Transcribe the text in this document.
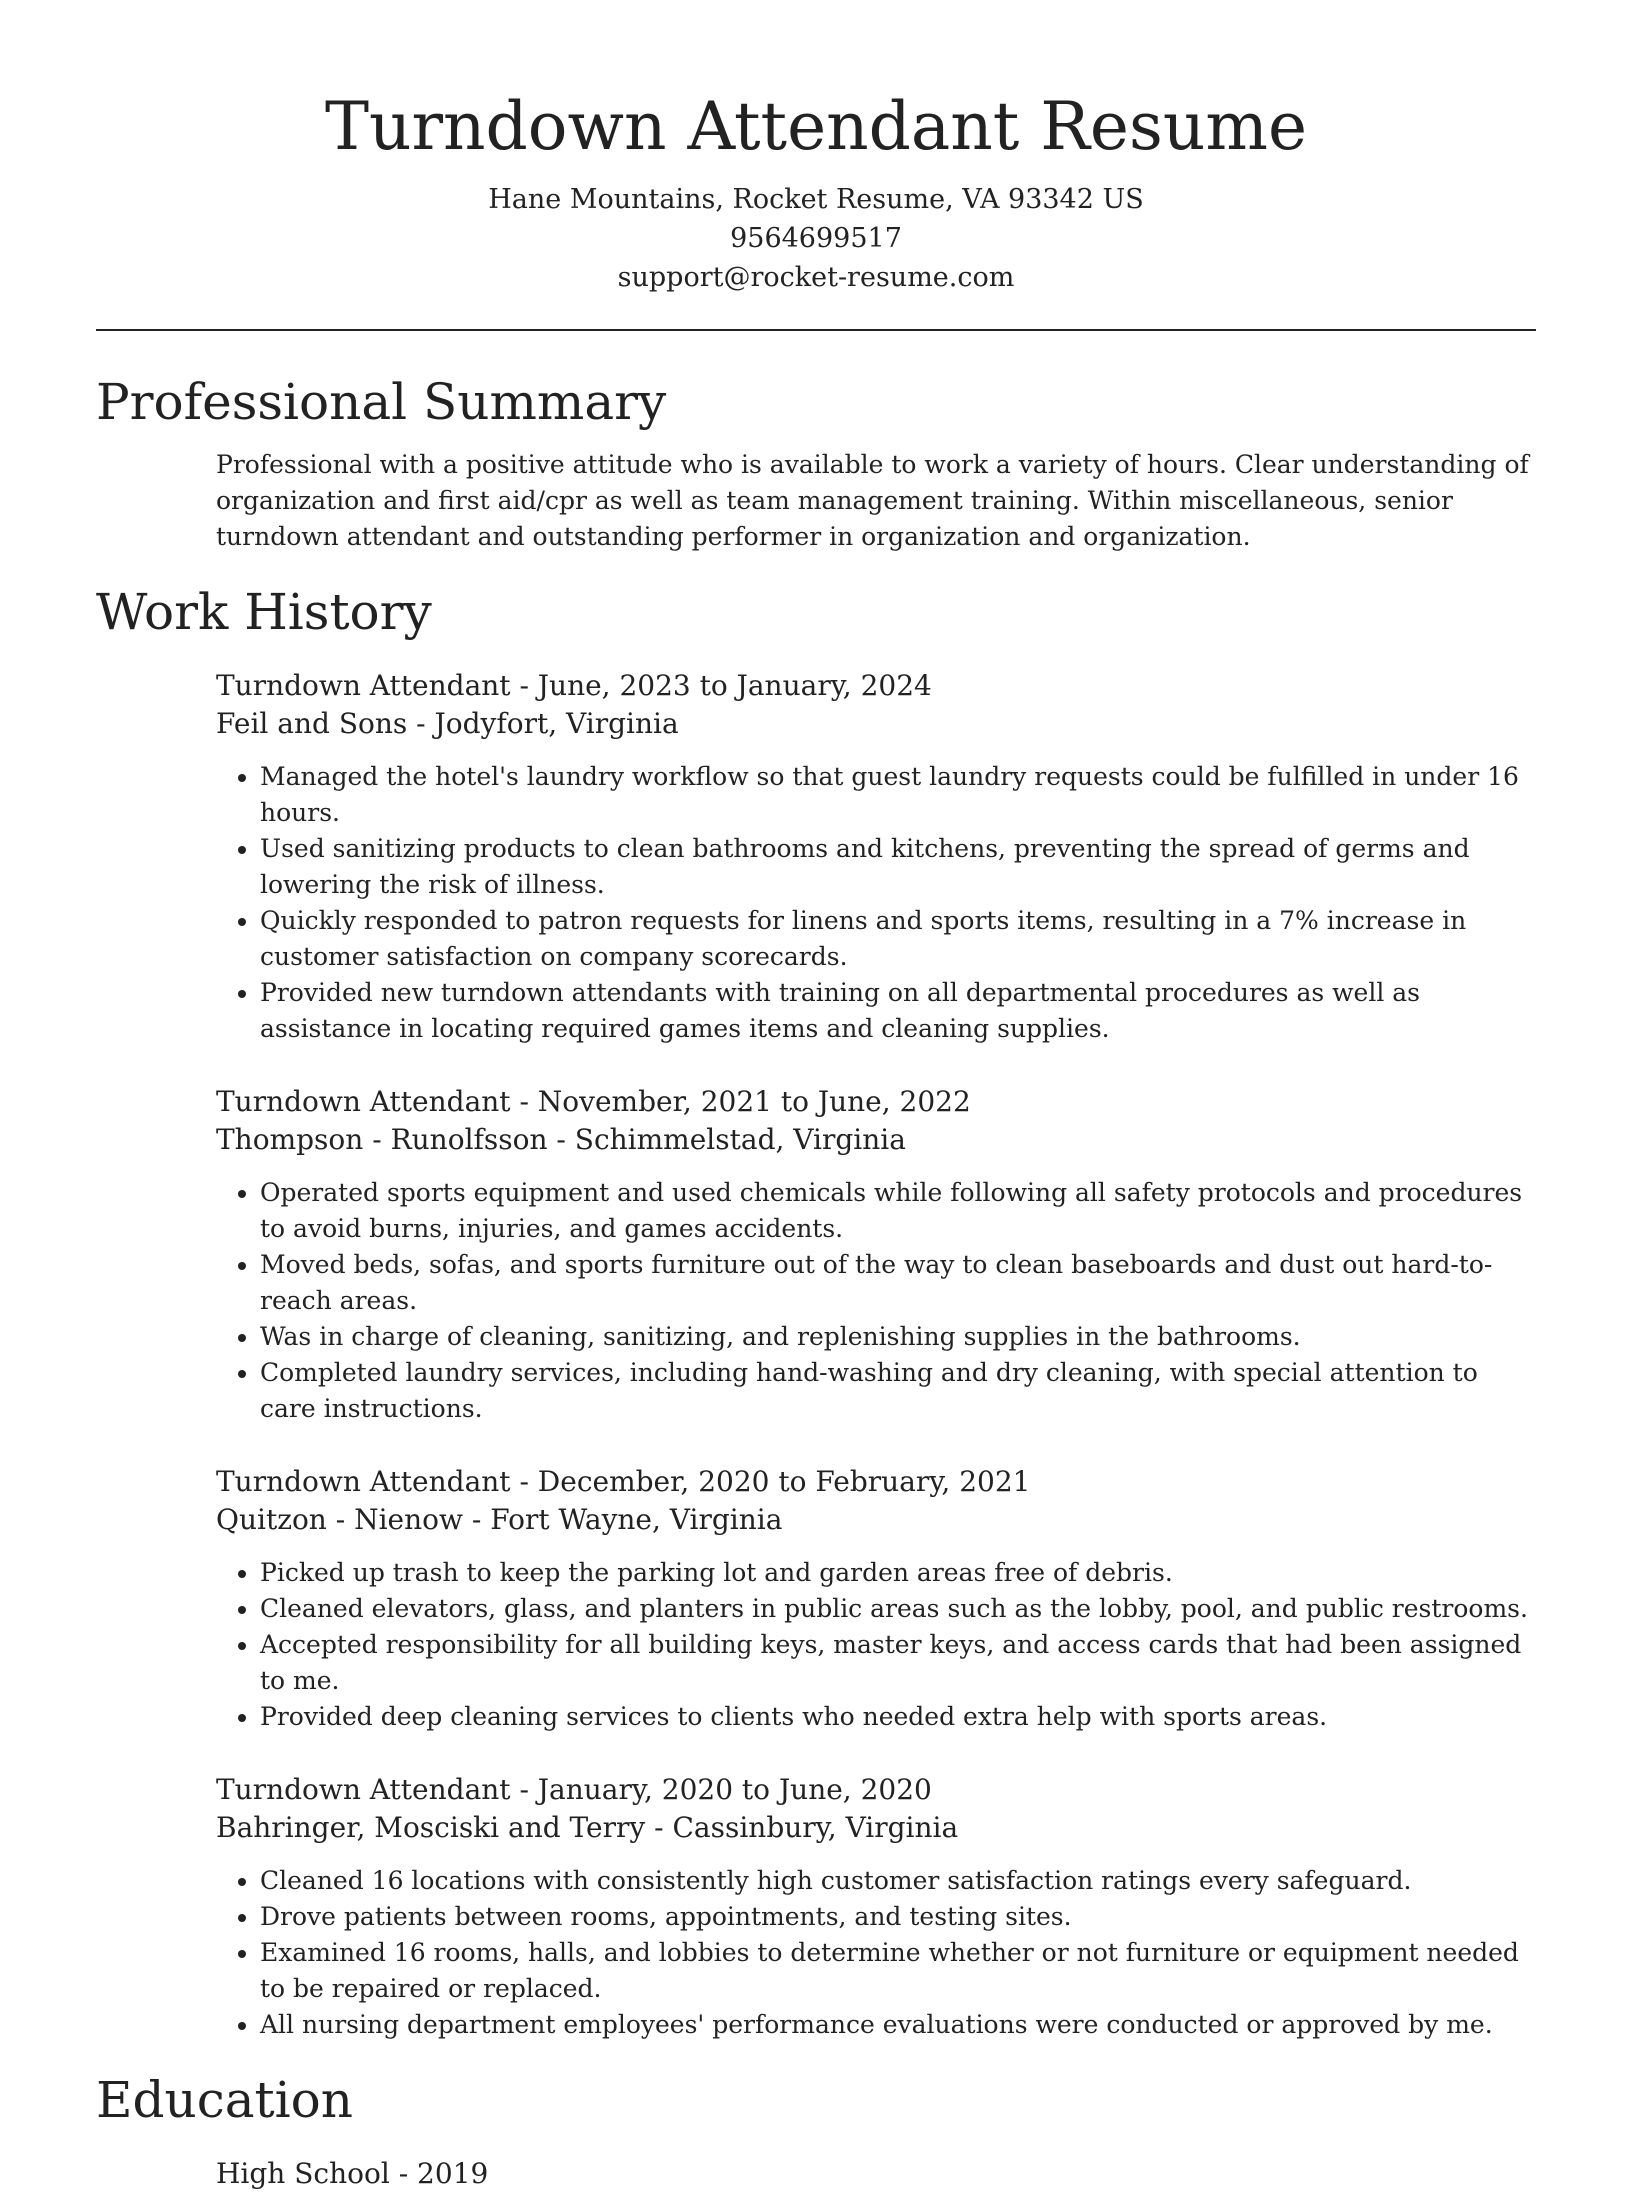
Turndown Attendant Resume
Hane Mountains, Rocket Resume, VA 93342 US
9564699517
support@rocket-resume.com
Professional Summary

Professional with a positive attitude who is available to work a variety of hours. Clear understanding of organization and first aid/cpr as well as team management training. Within miscellaneous, senior turndown attendant and outstanding performer in organization and organization.

Work History
Turndown Attendant - June, 2023 to January, 2024
Feil and Sons - Jodyfort, Virginia
• Managed the hotel's laundry workflow so that guest laundry requests could be fulfilled in under 16 hours.
• Used sanitizing products to clean bathrooms and kitchens, preventing the spread of germs and lowering the risk of illness.
• Quickly responded to patron requests for linens and sports items, resulting in a 7% increase in customer satisfaction on company scorecards.
• Provided new turndown attendants with training on all departmental procedures as well as assistance in locating required games items and cleaning supplies.
Turndown Attendant - November, 2021 to June, 2022
Thompson - Runolfsson - Schimmelstad, Virginia
• Operated sports equipment and used chemicals while following all safety protocols and procedures to avoid burns, injuries, and games accidents.
• Moved beds, sofas, and sports furniture out of the way to clean baseboards and dust out hard-to-reach areas.
• Was in charge of cleaning, sanitizing, and replenishing supplies in the bathrooms.
• Completed laundry services, including hand-washing and dry cleaning, with special attention to care instructions.
Turndown Attendant - December, 2020 to February, 2021
Quitzon - Nienow - Fort Wayne, Virginia
• Picked up trash to keep the parking lot and garden areas free of debris.
• Cleaned elevators, glass, and planters in public areas such as the lobby, pool, and public restrooms.
• Accepted responsibility for all building keys, master keys, and access cards that had been assigned to me.
• Provided deep cleaning services to clients who needed extra help with sports areas.
Turndown Attendant - January, 2020 to June, 2020
Bahringer, Mosciski and Terry - Cassinbury, Virginia
• Cleaned 16 locations with consistently high customer satisfaction ratings every safeguard.
• Drove patients between rooms, appointments, and testing sites.
• Examined 16 rooms, halls, and lobbies to determine whether or not furniture or equipment needed to be repaired or replaced.
• All nursing department employees' performance evaluations were conducted or approved by me.
Education
High School - 2019
